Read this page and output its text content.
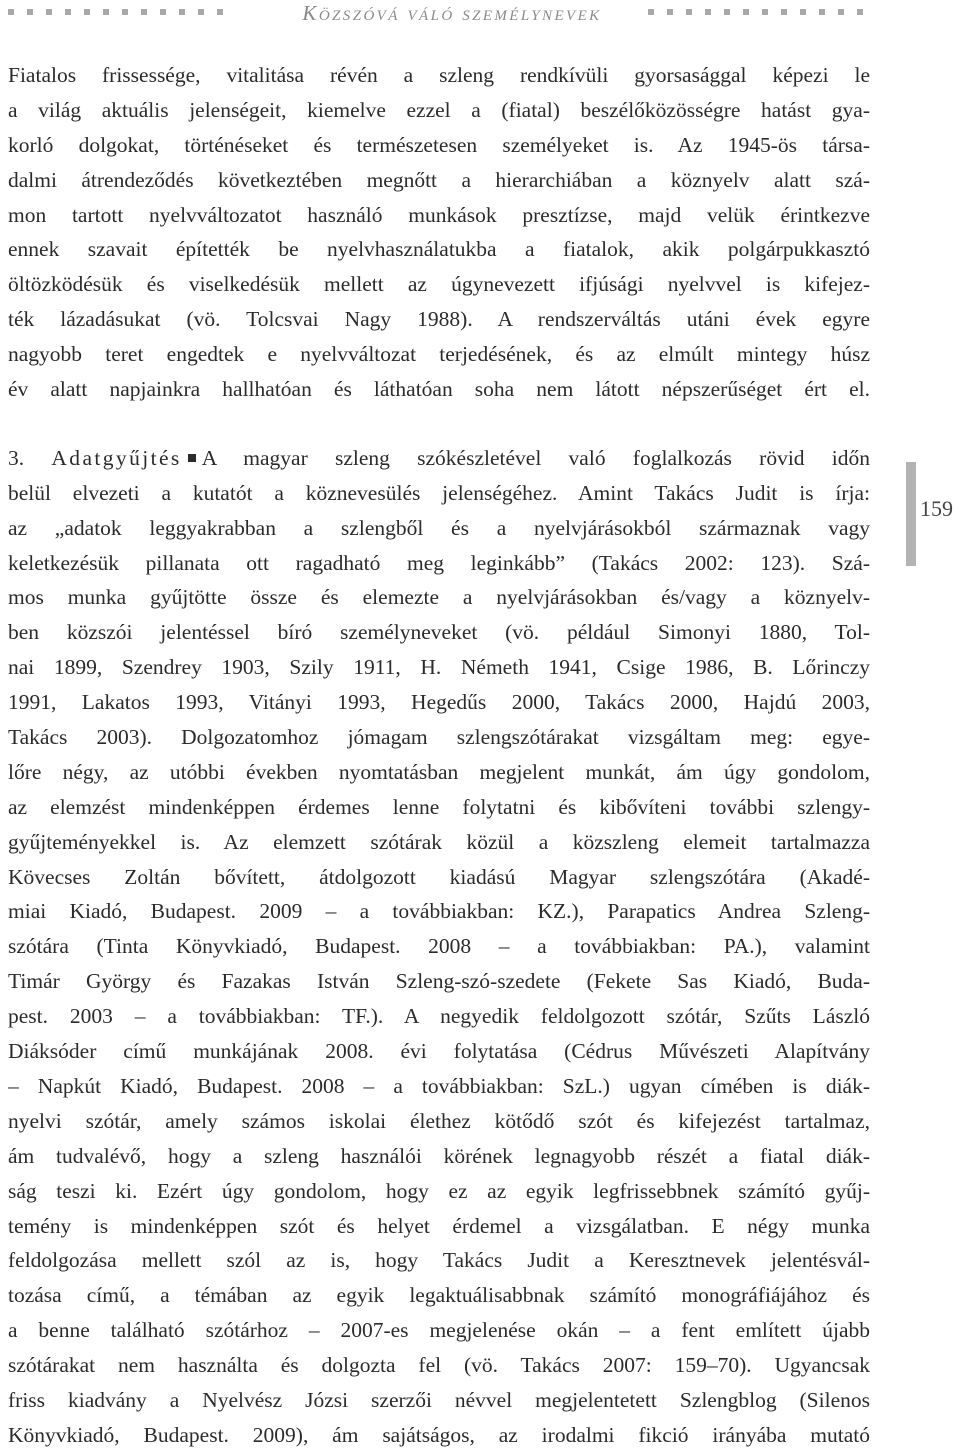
Közszóvá váló személynevek
Fiatalos frissessége, vitalitása révén a szleng rendkívüli gyorsasággal képezi le
a világ aktuális jelenségeit, kiemelve ezzel a (fiatal) beszélőközösségre hatást gya-
korló dolgokat, történéseket és természetesen személyeket is. Az 1945-ös társa-
dalmi átrendeződés következtében megnőtt a hierarchiában a köznyelv alatt szá-
mon tartott nyelvváltozatot használó munkások presztízse, majd velük érintkezve
ennek szavait építették be nyelvhasználatukba a fiatalok, akik polgárpukkasztó
öltözködésük és viselkedésük mellett az úgynevezett ifjúsági nyelvvel is kifejez-
ték lázadásukat (vö. Tolcsvai Nagy 1988). A rendszerváltás utáni évek egyre
nagyobb teret engedtek e nyelvváltozat terjedésének, és az elmúlt mintegy húsz
év alatt napjainkra hallhatóan és láthatóan soha nem látott népszerűséget ért el.
3. Adatgyűjtés A magyar szleng szókészletével való foglalkozás rövid időn
belül elvezeti a kutatót a köznevesülés jelenségéhez. Amint Takács Judit is írja:
az „adatok leggyakrabban a szlengből és a nyelvjárásokból származnak vagy
keletkezésük pillanata ott ragadható meg leginkább” (Takács 2002: 123). Szá-
mos munka gyűjtötte össze és elemezte a nyelvjárásokban és/vagy a köznyelv-
ben közszói jelentéssel bíró személyneveket (vö. például Simonyi 1880, Tol-
nai 1899, Szendrey 1903, Szily 1911, H. Németh 1941, Csige 1986, B. Lőrinczy
1991, Lakatos 1993, Vitányi 1993, Hegedűs 2000, Takács 2000, Hajdú 2003,
Takács 2003). Dolgozatomhoz jómagam szlengszótárakat vizsgáltam meg: egye-
lőre négy, az utóbbi években nyomtatásban megjelent munkát, ám úgy gondolom,
az elemzést mindenképpen érdemes lenne folytatni és kibővíteni további szlengy-
gyűjteményekkel is. Az elemzett szótárak közül a közszleng elemeit tartalmazza
Kövecses Zoltán bővített, átdolgozott kiadású Magyar szlengszótára (Akadé-
miai Kiadó, Budapest. 2009 – a továbbiakban: KZ.), Parapatics Andrea Szleng-
szótára (Tinta Könyvkiadó, Budapest. 2008 – a továbbiakban: PA.), valamint
Timár György és Fazakas István Szleng-szó-szedete (Fekete Sas Kiadó, Buda-
pest. 2003 – a továbbiakban: TF.). A negyedik feldolgozott szótár, Szűts László
Diáksóder című munkájának 2008. évi folytatása (Cédrus Művészeti Alapítvány
– Napkút Kiadó, Budapest. 2008 – a továbbiakban: SzL.) ugyan címében is diák-
nyelvi szótár, amely számos iskolai élethez kötődő szót és kifejezést tartalmaz,
ám tudvalévő, hogy a szleng használói körének legnagyobb részét a fiatal diák-
ság teszi ki. Ezért úgy gondolom, hogy ez az egyik legfrissebbnek számító gyűj-
temény is mindenképpen szót és helyet érdemel a vizsgálatban. E négy munka
feldolgozása mellett szól az is, hogy Takács Judit a Keresztnevek jelentésvál-
tozása című, a témában az egyik legaktuálisabbnak számító monográfiájához és
a benne található szótárhoz – 2007-es megjelenése okán – a fent említett újabb
szótárakat nem használta és dolgozta fel (vö. Takács 2007: 159–70). Ugyancsak
friss kiadvány a Nyelvész Józsi szerzői névvel megjelentetett Szlengblog (Silenos
Könyvkiadó, Budapest. 2009), ám sajátságos, az irodalmi fikció irányába mutató
159
